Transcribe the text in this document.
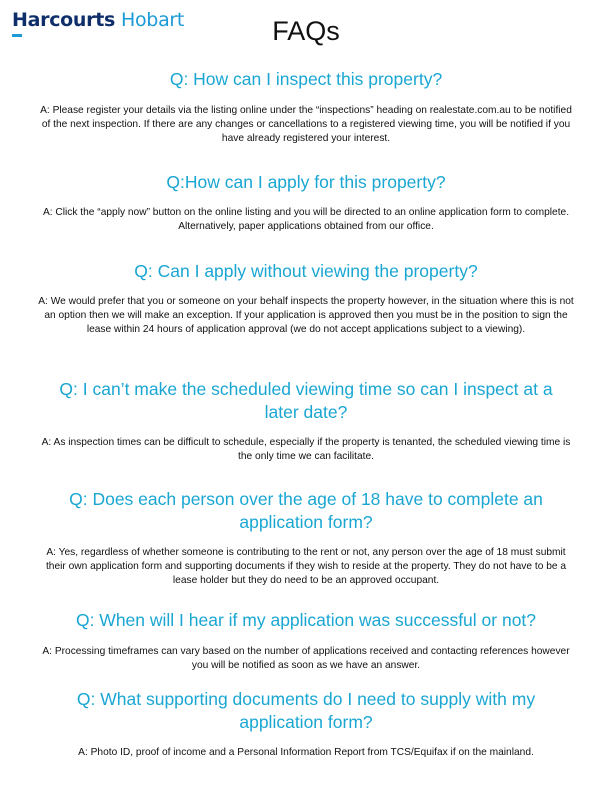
Harcourts Hobart	FAQs
Q: How can I inspect this property?
A: Please register your details via the listing online under the “inspections” heading on realestate.com.au to be notified of the next inspection. If there are any changes or cancellations to a registered viewing time, you will be notified if you have already registered your interest.
Q:How can I apply for this property?
A: Click the “apply now” button on the online listing and you will be directed to an online application form to complete. Alternatively, paper applications obtained from our office.
Q: Can I apply without viewing the property?
A: We would prefer that you or someone on your behalf inspects the property however, in the situation where this is not an option then we will make an exception. If your application is approved then you must be in the position to sign the lease within 24 hours of application approval (we do not accept applications subject to a viewing).
Q: I can’t make the scheduled viewing time so can I inspect at a later date?
A: As inspection times can be difficult to schedule, especially if the property is tenanted, the scheduled viewing time is the only time we can facilitate.
Q: Does each person over the age of 18 have to complete an application form?
A: Yes, regardless of whether someone is contributing to the rent or not, any person over the age of 18 must submit their own application form and supporting documents if they wish to reside at the property. They do not have to be a lease holder but they do need to be an approved occupant.
Q: When will I hear if my application was successful or not?
A: Processing timeframes can vary based on the number of applications received and contacting references however you will be notified as soon as we have an answer.
Q: What supporting documents do I need to supply with my application form?
A: Photo ID, proof of income and a Personal Information Report from TCS/Equifax if on the mainland.
